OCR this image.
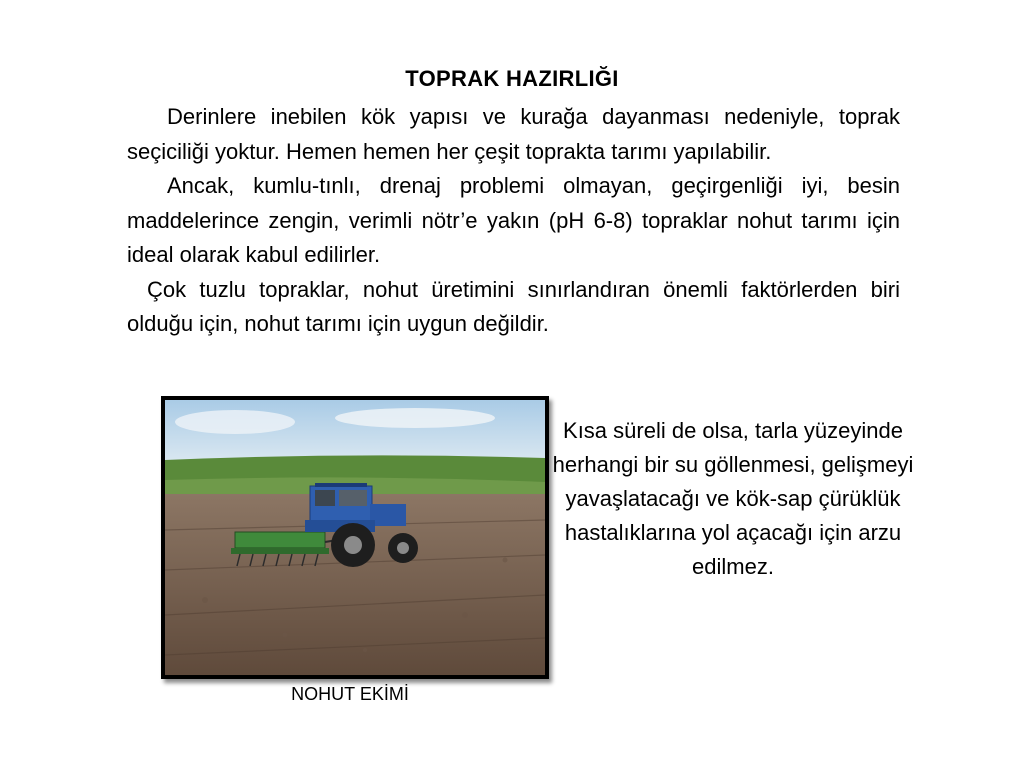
TOPRAK HAZIRLIĞI

Derinlere inebilen kök yapısı ve kurağa dayanması nedeniyle, toprak seçiciliği yoktur. Hemen hemen her çeşit toprakta tarımı yapılabilir.

Ancak, kumlu-tınlı, drenaj problemi olmayan, geçirgenliği iyi, besin maddelerince zengin, verimli nötr’e yakın (pH 6-8) topraklar nohut tarımı için ideal olarak kabul edilirler.

Çok tuzlu topraklar, nohut üretimini sınırlandıran önemli faktörlerden biri olduğu için, nohut tarımı için uygun değildir.

NOHUT EKİMİ
Kısa süreli de olsa, tarla yüzeyinde herhangi bir su göllenmesi, gelişmeyi yavaşlatacağı ve kök-sap çürüklük hastalıklarına yol açacağı için arzu edilmez.
